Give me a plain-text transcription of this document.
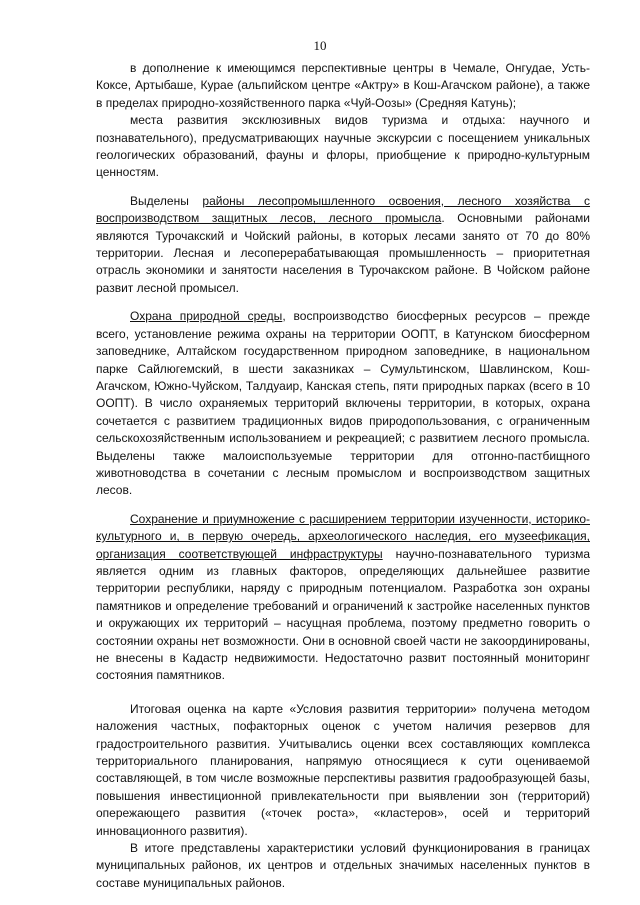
10

в дополнение к имеющимся перспективные центры в Чемале, Онгудае, Усть-Коксе, Артыбаше, Курае (альпийском центре «Актру» в Кош-Агачском районе), а также в пределах природно-хозяйственного парка «Чуй-Оозы» (Средняя Катунь);

места развития эксклюзивных видов туризма и отдыха: научного и познавательного), предусматривающих научные экскурсии с посещением уникальных геологических образований, фауны и флоры, приобщение к природно-культурным ценностям.

Выделены районы лесопромышленного освоения, лесного хозяйства с воспроизводством защитных лесов, лесного промысла. Основными районами являются Турочакский и Чойский районы, в которых лесами занято от 70 до 80% территории. Лесная и лесоперерабатывающая промышленность – приоритетная отрасль экономики и занятости населения в Турочакском районе. В Чойском районе развит лесной промысел.

Охрана природной среды, воспроизводство биосферных ресурсов – прежде всего, установление режима охраны на территории ООПТ, в Катунском биосферном заповеднике, Алтайском государственном природном заповеднике, в национальном парке Сайлюгемский, в шести заказниках – Сумультинском, Шавлинском, Кош-Агачском, Южно-Чуйском, Талдуаир, Канская степь, пяти природных парках (всего в 10 ООПТ). В число охраняемых территорий включены территории, в которых, охрана сочетается с развитием традиционных видов природопользования, с ограниченным сельскохозяйственным использованием и рекреацией; с развитием лесного промысла. Выделены также малоиспользуемые территории для отгонно-пастбищного животноводства в сочетании с лесным промыслом и воспроизводством защитных лесов.

Сохранение и приумножение с расширением территории изученности, историко-культурного и, в первую очередь, археологического наследия, его музеефикация, организация соответствующей инфраструктуры научно-познавательного туризма является одним из главных факторов, определяющих дальнейшее развитие территории республики, наряду с природным потенциалом. Разработка зон охраны памятников и определение требований и ограничений к застройке населенных пунктов и окружающих их территорий – насущная проблема, поэтому предметно говорить о состоянии охраны нет возможности. Они в основной своей части не закоординированы, не внесены в Кадастр недвижимости. Недостаточно развит постоянный мониторинг состояния памятников.

Итоговая оценка на карте «Условия развития территории» получена методом наложения частных, пофакторных оценок с учетом наличия резервов для градостроительного развития. Учитывались оценки всех составляющих комплекса территориального планирования, напрямую относящиеся к сути оцениваемой составляющей, в том числе возможные перспективы развития градообразующей базы, повышения инвестиционной привлекательности при выявлении зон (территорий) опережающего развития («точек роста», «кластеров», осей и территорий инновационного развития).

В итоге представлены характеристики условий функционирования в границах муниципальных районов, их центров и отдельных значимых населенных пунктов в составе муниципальных районов.
